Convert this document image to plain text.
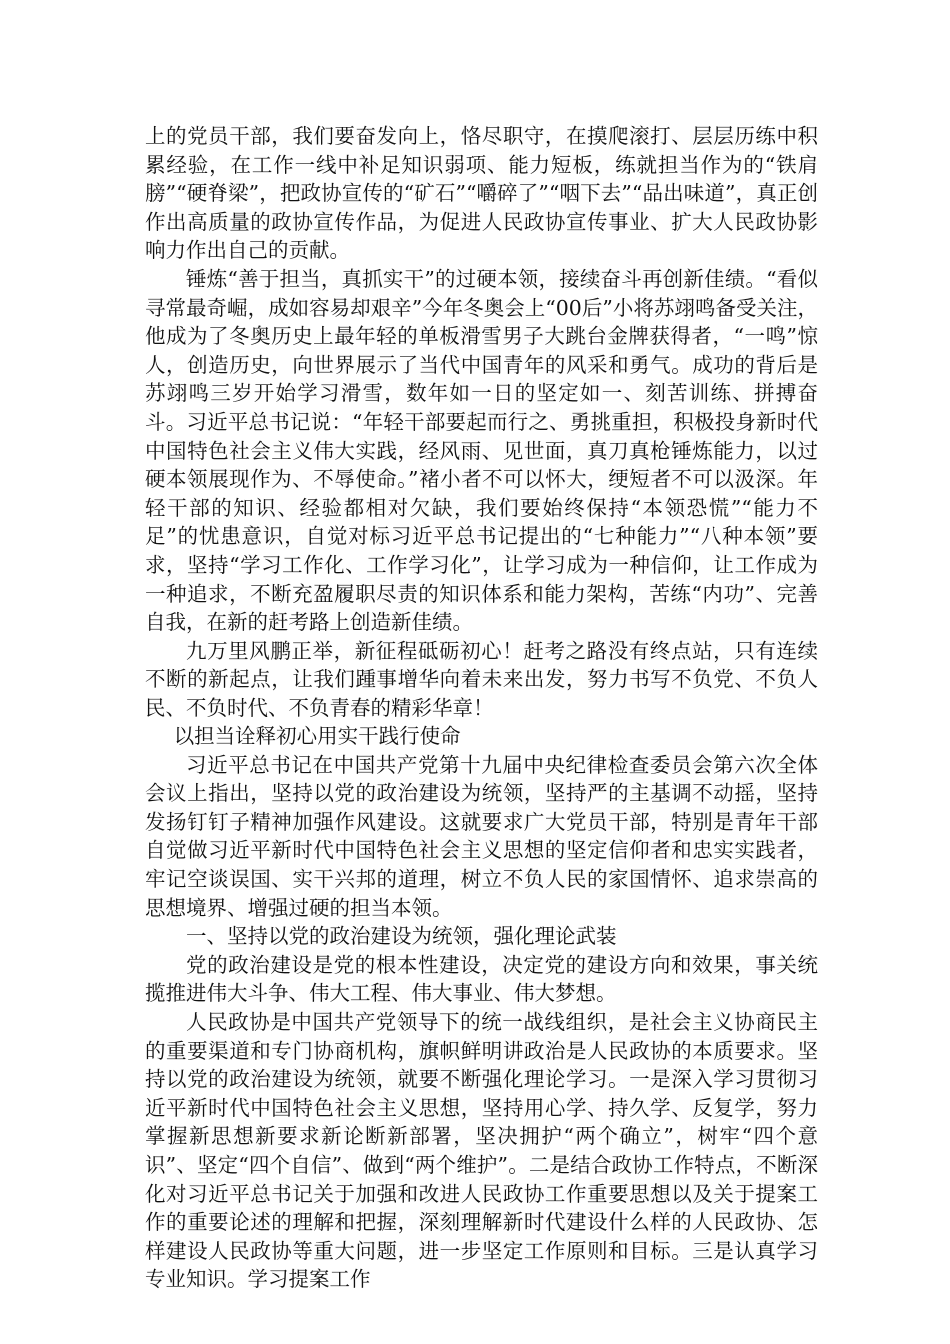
上的党员干部，我们要奋发向上，恪尽职守，在摸爬滚打、层层历练中积累经验，在工作一线中补足知识弱项、能力短板，练就担当作为的“铁肩膀”“硬脊梁”，把政协宣传的“矿石”“嚼碎了”“咽下去”“品出味道”，真正创作出高质量的政协宣传作品，为促进人民政协宣传事业、扩大人民政协影响力作出自己的贡献。

锤炼“善于担当，真抓实干”的过硬本领，接续奋斗再创新佳绩。“看似寻常最奇崛，成如容易却艰辛”今年冬奥会上“00后”小将苏翊鸣备受关注，他成为了冬奥历史上最年轻的单板滑雪男子大跳台金牌获得者，“一鸣”惊人，创造历史，向世界展示了当代中国青年的风采和勇气。成功的背后是苏翊鸣三岁开始学习滑雪，数年如一日的坚定如一、刻苦训练、拼搏奋斗。习近平总书记说：“年轻干部要起而行之、勇挑重担，积极投身新时代中国特色社会主义伟大实践，经风雨、见世面，真刀真枪锤炼能力，以过硬本领展现作为、不辱使命。”褚小者不可以怀大，绠短者不可以汲深。年轻干部的知识、经验都相对欠缺，我们要始终保持“本领恐慌”“能力不足”的忧患意识，自觉对标习近平总书记提出的“七种能力”“八种本领”要求，坚持“学习工作化、工作学习化”，让学习成为一种信仰，让工作成为一种追求，不断充盈履职尽责的知识体系和能力架构，苦练“内功”、完善自我，在新的赶考路上创造新佳绩。

九万里风鹏正举，新征程砥砺初心！赶考之路没有终点站，只有连续不断的新起点，让我们踵事增华向着未来出发，努力书写不负党、不负人民、不负时代、不负青春的精彩华章！

以担当诠释初心用实干践行使命

习近平总书记在中国共产党第十九届中央纪律检查委员会第六次全体会议上指出，坚持以党的政治建设为统领，坚持严的主基调不动摇，坚持发扬钉钉子精神加强作风建设。这就要求广大党员干部，特别是青年干部自觉做习近平新时代中国特色社会主义思想的坚定信仰者和忠实实践者，牢记空谈误国、实干兴邦的道理，树立不负人民的家国情怀、追求崇高的思想境界、增强过硬的担当本领。

一、坚持以党的政治建设为统领，强化理论武装

党的政治建设是党的根本性建设，决定党的建设方向和效果，事关统揽推进伟大斗争、伟大工程、伟大事业、伟大梦想。

人民政协是中国共产党领导下的统一战线组织，是社会主义协商民主的重要渠道和专门协商机构，旗帜鲜明讲政治是人民政协的本质要求。坚持以党的政治建设为统领，就要不断强化理论学习。一是深入学习贯彻习近平新时代中国特色社会主义思想，坚持用心学、持久学、反复学，努力掌握新思想新要求新论断新部署，坚决拥护“两个确立”，树牢“四个意识”、坚定“四个自信”、做到“两个维护”。二是结合政协工作特点，不断深化对习近平总书记关于加强和改进人民政协工作重要思想以及关于提案工作的重要论述的理解和把握，深刻理解新时代建设什么样的人民政协、怎样建设人民政协等重大问题，进一步坚定工作原则和目标。三是认真学习专业知识。学习提案工作
